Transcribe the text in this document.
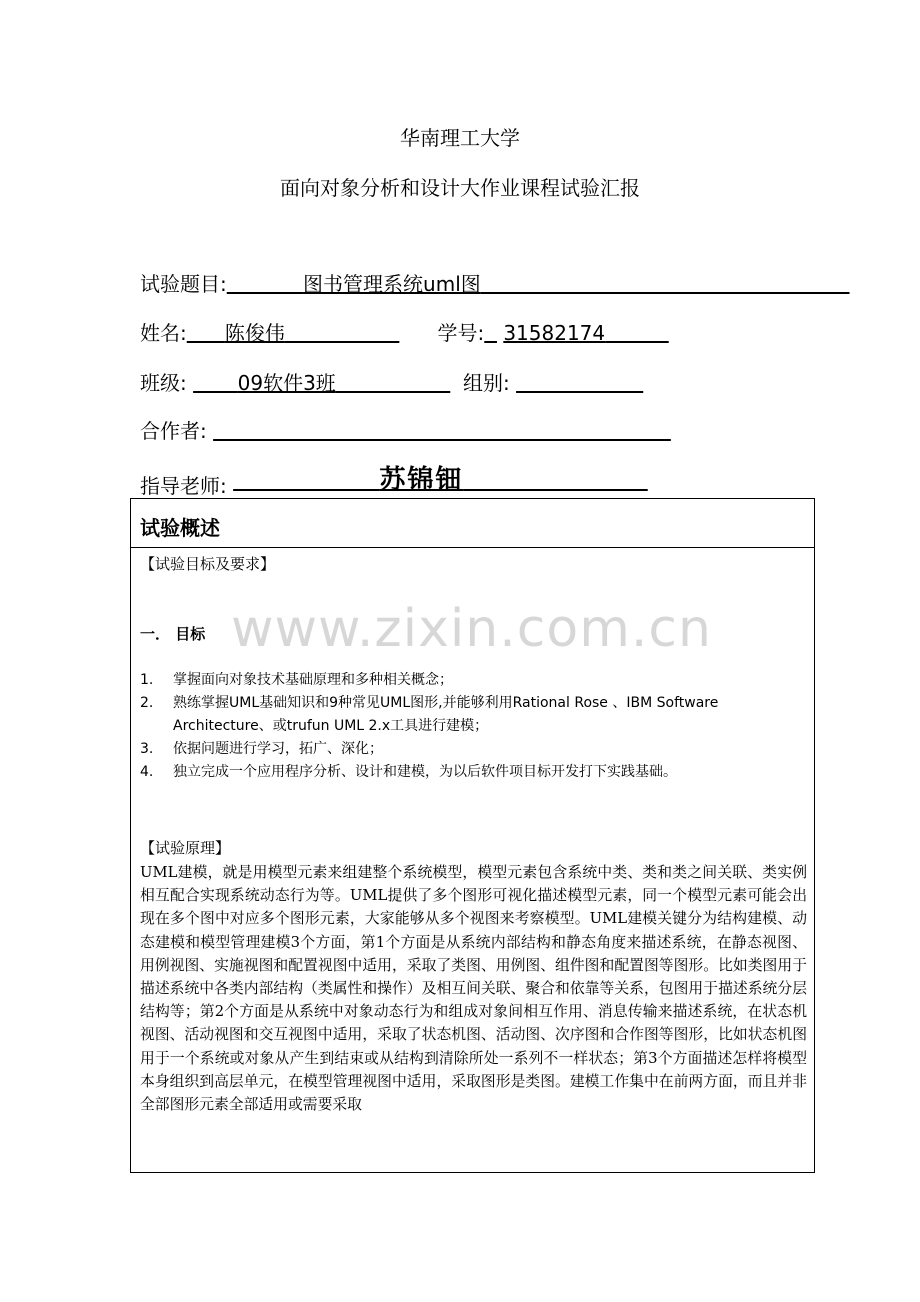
华南理工大学
面向对象分析和设计大作业课程试验汇报
试验题目:	图书管理系统uml图
姓名: 陈俊伟	学号: 31582174
班级:	09软件3班	组别:
合作者:
指导老师:	苏锦钿
试验概述
【试验目标及要求】
www.zixin.com.cn
一． 目标
1. 掌握面向对象技术基础原理和多种相关概念；
2. 熟练掌握UML基础知识和9种常见UML图形,并能够利用Rational Rose 、IBM Software Architecture、或trufun UML 2.x工具进行建模；
3. 依据问题进行学习，拓广、深化；
4. 独立完成一个应用程序分析、设计和建模，为以后软件项目标开发打下实践基础。
【试验原理】

UML建模，就是用模型元素来组建整个系统模型，模型元素包含系统中类、类和类之间关联、类实例相互配合实现系统动态行为等。UML提供了多个图形可视化描述模型元素，同一个模型元素可能会出现在多个图中对应多个图形元素，大家能够从多个视图来考察模型。UML建模关键分为结构建模、动态建模和模型管理建模3个方面，第1个方面是从系统内部结构和静态角度来描述系统，在静态视图、用例视图、实施视图和配置视图中适用，采取了类图、用例图、组件图和配置图等图形。比如类图用于描述系统中各类内部结构（类属性和操作）及相互间关联、聚合和依靠等关系，包图用于描述系统分层结构等；第2个方面是从系统中对象动态行为和组成对象间相互作用、消息传输来描述系统，在状态机视图、活动视图和交互视图中适用，采取了状态机图、活动图、次序图和合作图等图形，比如状态机图用于一个系统或对象从产生到结束或从结构到清除所处一系列不一样状态；第3个方面描述怎样将模型本身组织到高层单元，在模型管理视图中适用，采取图形是类图。建模工作集中在前两方面，而且并非全部图形元素全部适用或需要采取
